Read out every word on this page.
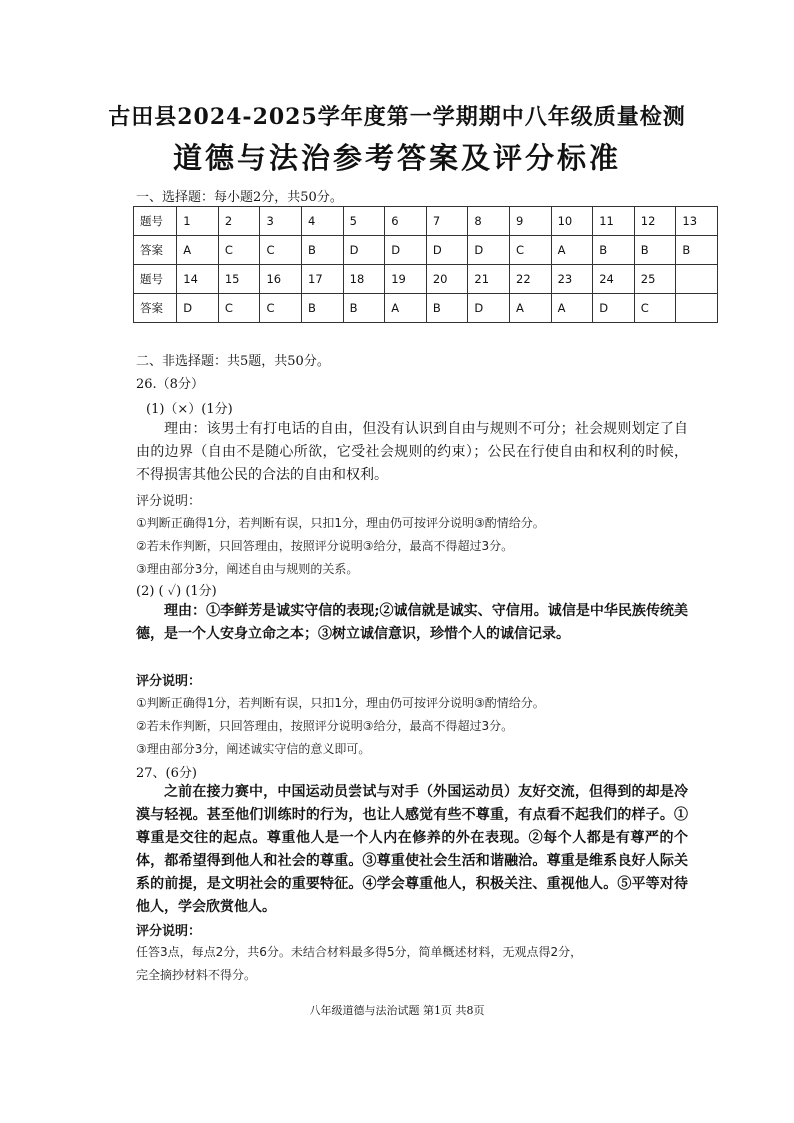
古田县2024-2025学年度第一学期期中八年级质量检测
道德与法治参考答案及评分标准
一、选择题：每小题2分，共50分。
题号	1	2	3	4	5	6	7	8	9	10	11	12	13
答案	A	C	C	B	D	D	D	D	C	A	B	B	B
题号	14	15	16	17	18	19	20	21	22	23	24	25	
答案	D	C	C	B	B	A	B	D	A	A	D	C	
二、非选择题：共5题，共50分。
26.（8分）
(1)（×）(1分)
理由：该男士有打电话的自由，但没有认识到自由与规则不可分；社会规则划定了自由的边界（自由不是随心所欲，它受社会规则的约束）；公民在行使自由和权利的时候，不得损害其他公民的合法的自由和权利。
评分说明：
①判断正确得1分，若判断有误，只扣1分，理由仍可按评分说明③酌情给分。
②若未作判断，只回答理由，按照评分说明③给分，最高不得超过3分。
③理由部分3分，阐述自由与规则的关系。
(2) ( ✓) (1分)
理由：①李鲜芳是诚实守信的表现;②诚信就是诚实、守信用。诚信是中华民族传统美德，是一个人安身立命之本；③树立诚信意识，珍惜个人的诚信记录。
评分说明：
①判断正确得1分，若判断有误，只扣1分，理由仍可按评分说明③酌情给分。
②若未作判断，只回答理由，按照评分说明③给分，最高不得超过3分。
③理由部分3分，阐述诚实守信的意义即可。
27、(6分)
之前在接力赛中，中国运动员尝试与对手（外国运动员）友好交流，但得到的却是冷漠与轻视。甚至他们训练时的行为，也让人感觉有些不尊重，有点看不起我们的样子。①尊重是交往的起点。尊重他人是一个人内在修养的外在表现。②每个人都是有尊严的个体，都希望得到他人和社会的尊重。③尊重使社会生活和谐融洽。尊重是维系良好人际关系的前提，是文明社会的重要特征。④学会尊重他人，积极关注、重视他人。⑤平等对待他人，学会欣赏他人。
评分说明：
任答3点，每点2分，共6分。未结合材料最多得5分，简单概述材料，无观点得2分，
完全摘抄材料不得分。
八年级道德与法治试题 第1页 共8页
